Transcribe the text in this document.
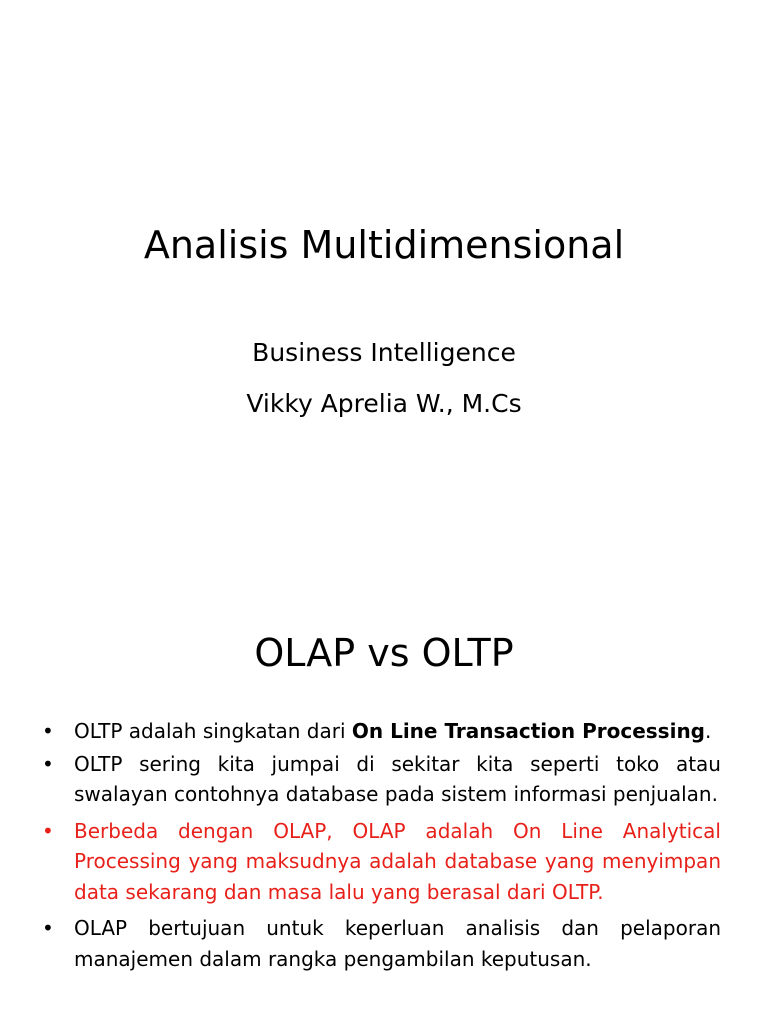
Analisis Multidimensional
Business Intelligence
Vikky Aprelia W., M.Cs
OLAP vs OLTP
• OLTP adalah singkatan dari On Line Transaction Processing.
• OLTP sering kita jumpai di sekitar kita seperti toko atau swalayan contohnya database pada sistem informasi penjualan.
• Berbeda dengan OLAP, OLAP adalah On Line Analytical Processing yang maksudnya adalah database yang menyimpan data sekarang dan masa lalu yang berasal dari OLTP.
• OLAP bertujuan untuk keperluan analisis dan pelaporan manajemen dalam rangka pengambilan keputusan.
